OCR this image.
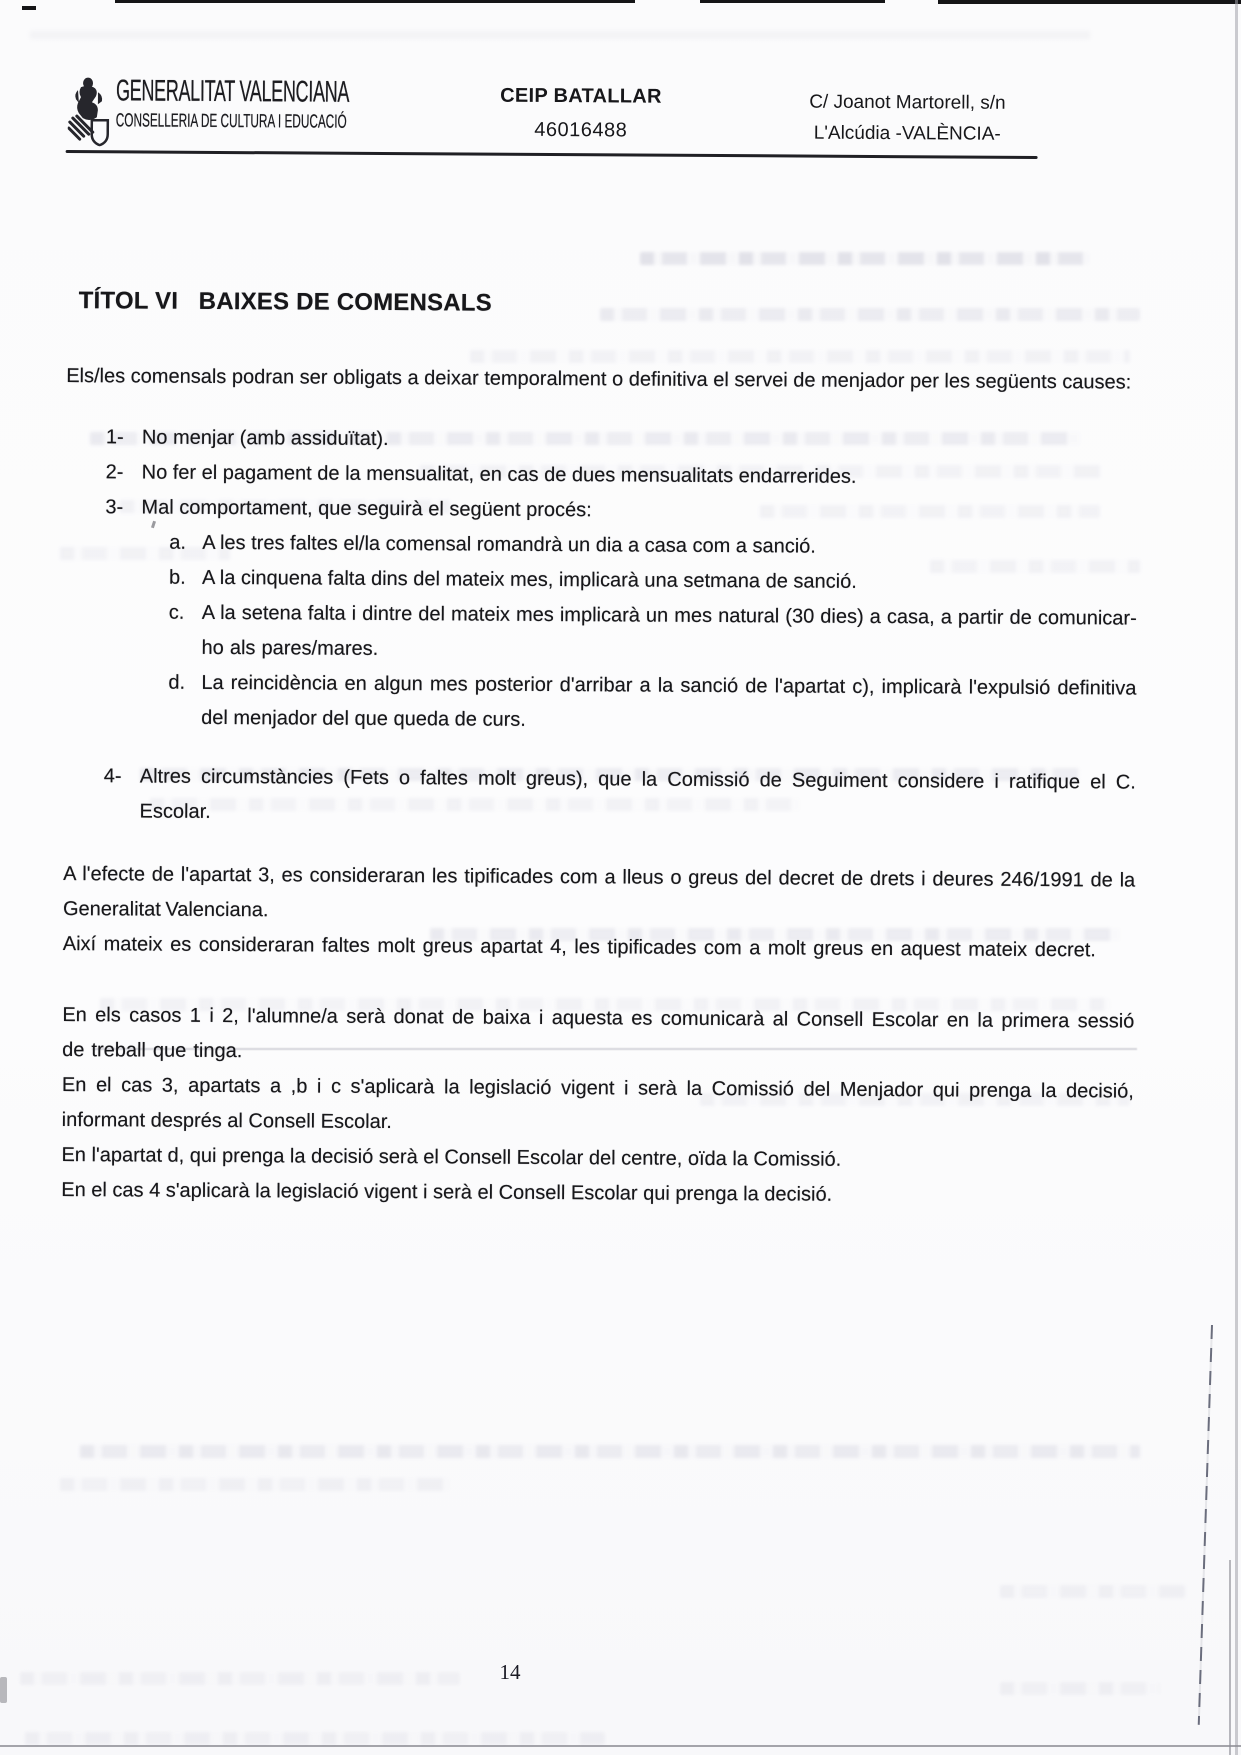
GENERALITAT VALENCIANA
CONSELLERIA DE CULTURA I EDUCACIÓ
CEIP BATALLAR
46016488
C/ Joanot Martorell, s/n
L'Alcúdia -VALÈNCIA-
TÍTOL VI   BAIXES DE COMENSALS

Els/les comensals podran ser obligats a deixar temporalment o definitiva el servei de menjador per les següents causes:

1- No menjar (amb assiduïtat).
2- No fer el pagament de la mensualitat, en cas de dues mensualitats endarrerides.
3- Mal comportament, que seguirà el següent procés:
a. A les tres faltes el/la comensal romandrà un dia a casa com a sanció.
b. A la cinquena falta dins del mateix mes, implicarà una setmana de sanció.
c. A la setena falta i dintre del mateix mes implicarà un mes natural (30 dies) a casa, a partir de comunicar-ho als pares/mares.
d. La reincidència en algun mes posterior d'arribar a la sanció de l'apartat c), implicarà l'expulsió definitiva del menjador del que queda de curs.
4- Altres circumstàncies (Fets o faltes molt greus), que la Comissió de Seguiment considere i ratifique el C. Escolar.

A l'efecte de l'apartat 3, es consideraran les tipificades com a lleus o greus del decret de drets i deures 246/1991 de la Generalitat Valenciana.

Així mateix es consideraran faltes molt greus apartat 4, les tipificades com a molt greus en aquest mateix decret.

En els casos 1 i 2, l'alumne/a serà donat de baixa i aquesta es comunicarà al Consell Escolar en la primera sessió de treball que tinga.

En el cas 3, apartats a ,b i c s'aplicarà la legislació vigent i serà la Comissió del Menjador qui prenga la decisió, informant després al Consell Escolar.

En l'apartat d, qui prenga la decisió serà el Consell Escolar del centre, oïda la Comissió.

En el cas 4 s'aplicarà la legislació vigent i serà el Consell Escolar qui prenga la decisió.

14
